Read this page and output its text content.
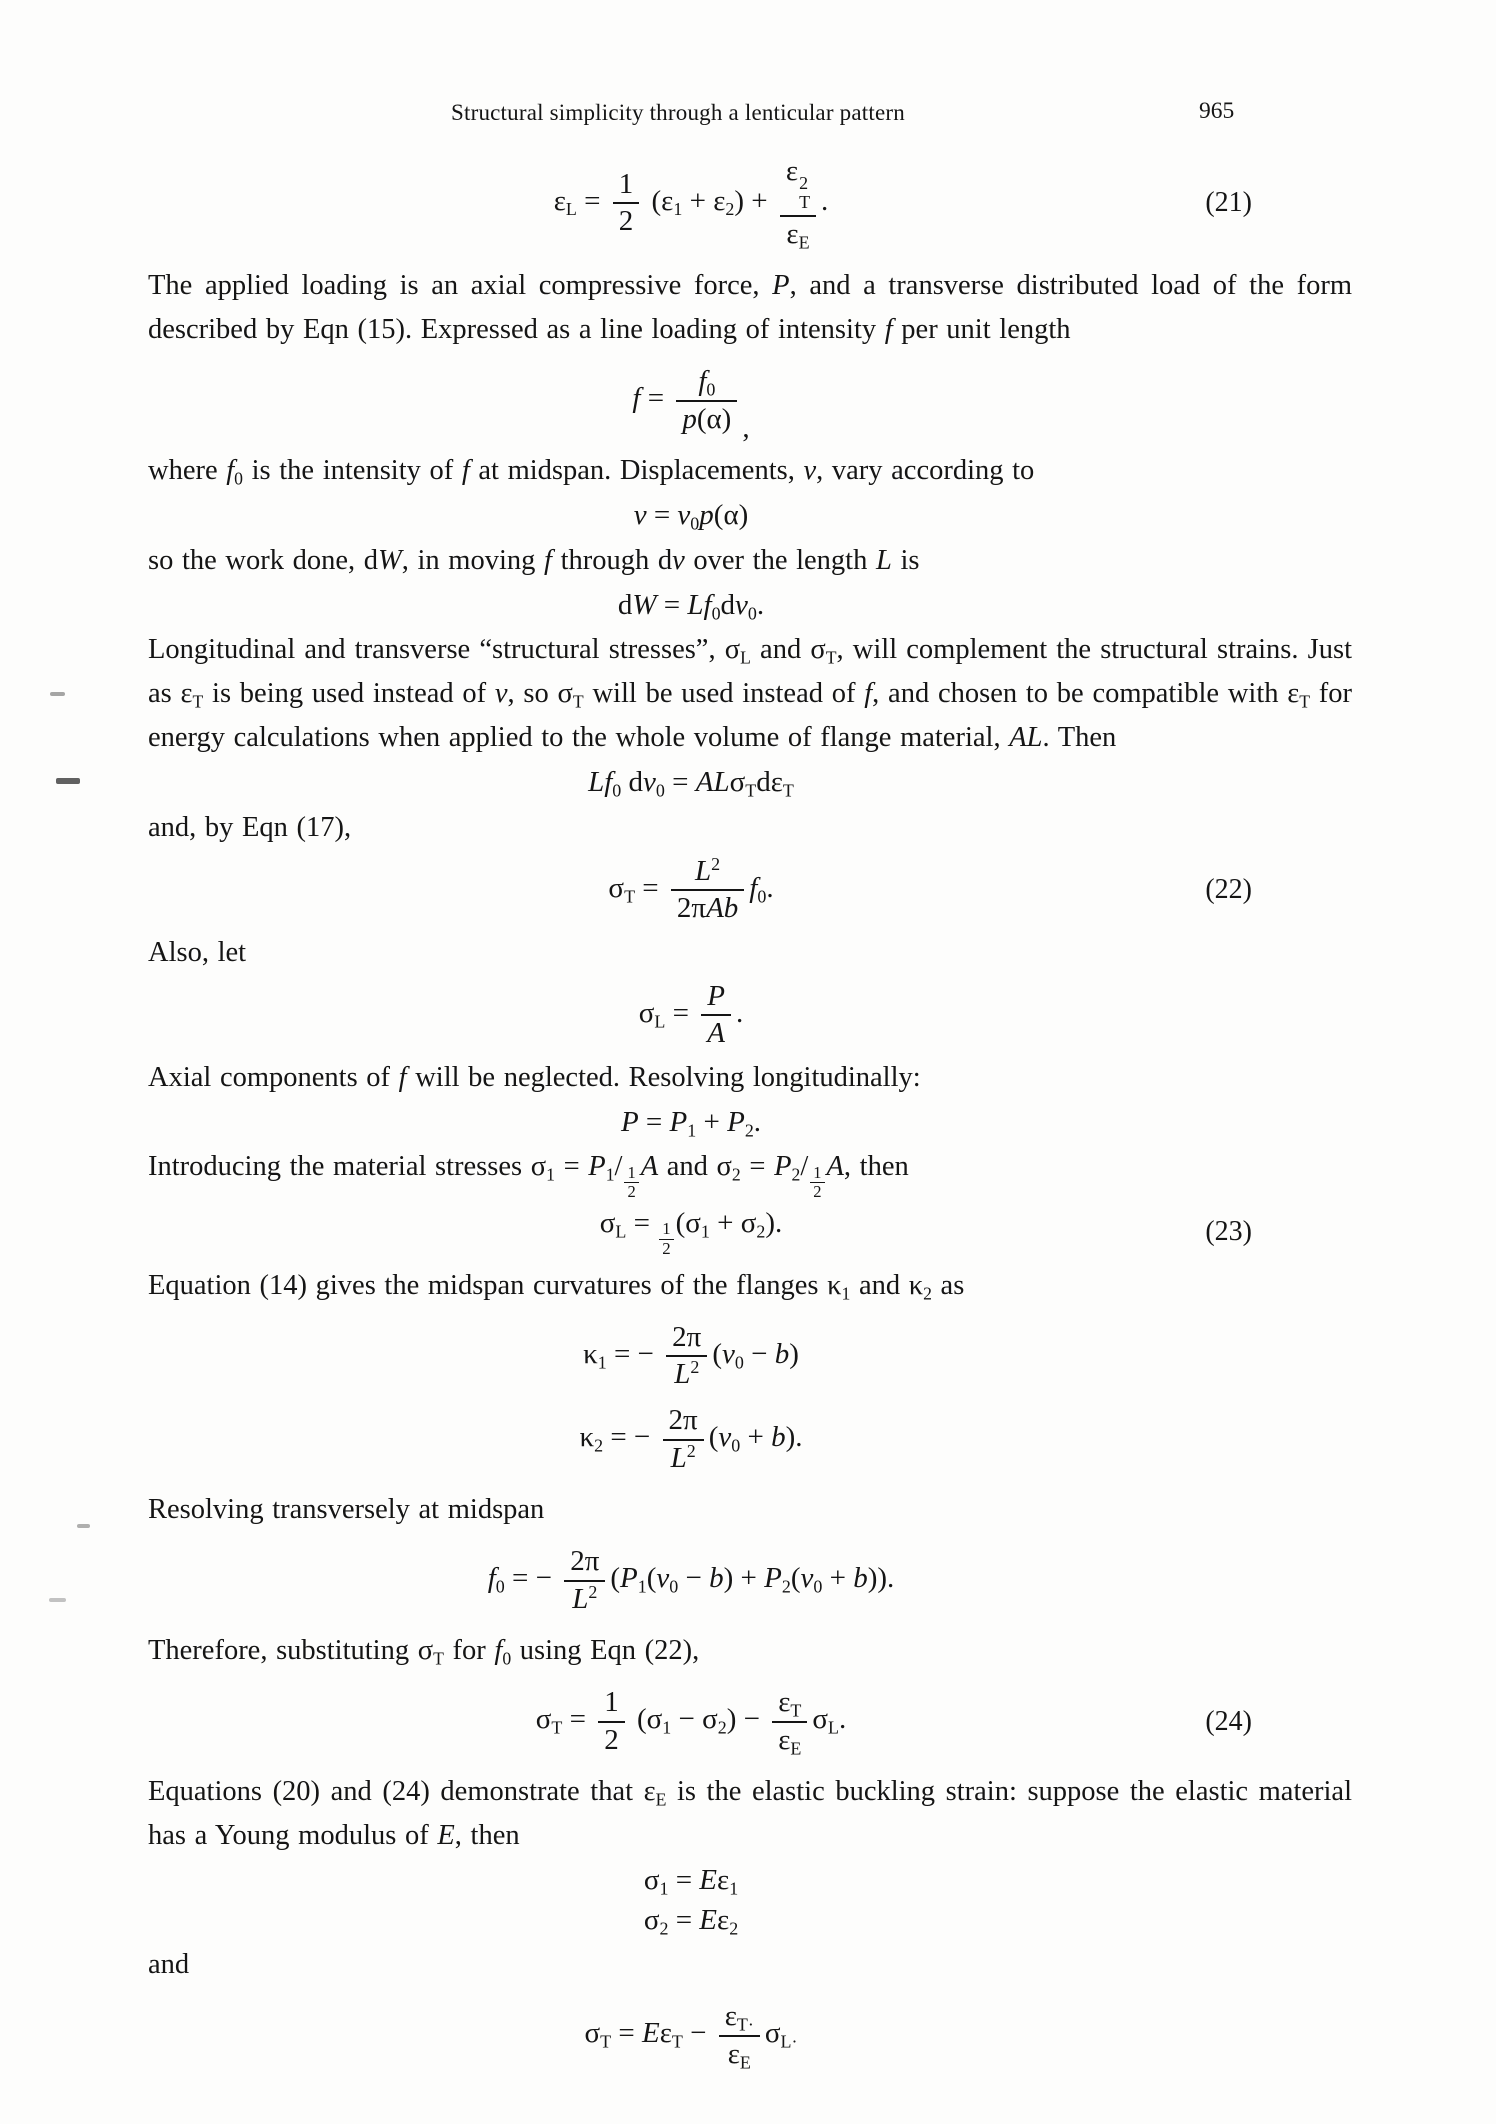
Structural simplicity through a lenticular pattern	965
$\varepsilon_L = \frac{1}{2} (\varepsilon_1 + \varepsilon_2) + \varepsilon$ 2
T
$\varepsilon_E$ .	(21)

The applied loading is an axial compressive force, P, and a transverse distributed load of the form described by Eqn (15). Expressed as a line loading of intensity f per unit length

$f = \frac{f_0}{p(\alpha)}$ ,

where $f_0$ is the intensity of f at midspan. Displacements, v, vary according to

$v = v_0p(\alpha)$

so the work done, dW, in moving f through dv over the length L is

dW = $Lf_0dv_0$.

Longitudinal and transverse “structural stresses”, $\sigma_L$ and $\sigma_T$, will complement the structural strains. Just as $\varepsilon_T$ is being used instead of v, so $\sigma_T$ will be used instead of f, and chosen to be compatible with $\varepsilon_T$ for energy calculations when applied to the whole volume of flange material, AL. Then

$Lf_0$ $dv_0 = AL\sigma_Td\varepsilon_T$

and, by Eqn (17),

$\sigma_T = \frac{L^2}{\text{2πAb}} f_0$.	(22)

Also, let

$\sigma_L = \frac{P}{A}$ .

Axial components of f will be neglected. Resolving longitudinally:

$P = P_1 + P_2$.

Introducing the material stresses $\sigma_1 = P_1/ \frac{1}{2}$ A and $\sigma_2 = P_2/ \frac{1}{2} A$, then

$\sigma_L = \frac{1}{2} (\sigma_1 + \sigma_2)$.	(23)

Equation (14) gives the midspan curvatures of the flanges $\kappa_1$ and $\kappa_2$ as

$\kappa_1$ = − $\frac{2\pi}{L^2} (v_0 - b)$
$\kappa_2$ = − $\frac{2\pi}{L^2} (v_0 + b)$.

Resolving transversely at midspan

$f_0$ = − $\frac{2\pi}{L^2} (P_1(v_0 - b) + P_2(v_0 + b))$.

Therefore, substituting $\sigma_T$ for $f_0$ using Eqn (22),

$\sigma_T = \frac{1}{2} (\sigma_1 - \sigma_2) - \frac{\varepsilon_T}{\varepsilon_E} \sigma_L$.	(24)

Equations (20) and (24) demonstrate that $\varepsilon_E$ is the elastic buckling strain: suppose the elastic material has a Young modulus of E, then

$\sigma_1 = E\varepsilon_1$
$\sigma_2 = E\varepsilon_2$

and

$\sigma_T = E\varepsilon_T - \frac{\varepsilon_{T\cdot}}{\varepsilon_E} \sigma_{L\cdot}$
